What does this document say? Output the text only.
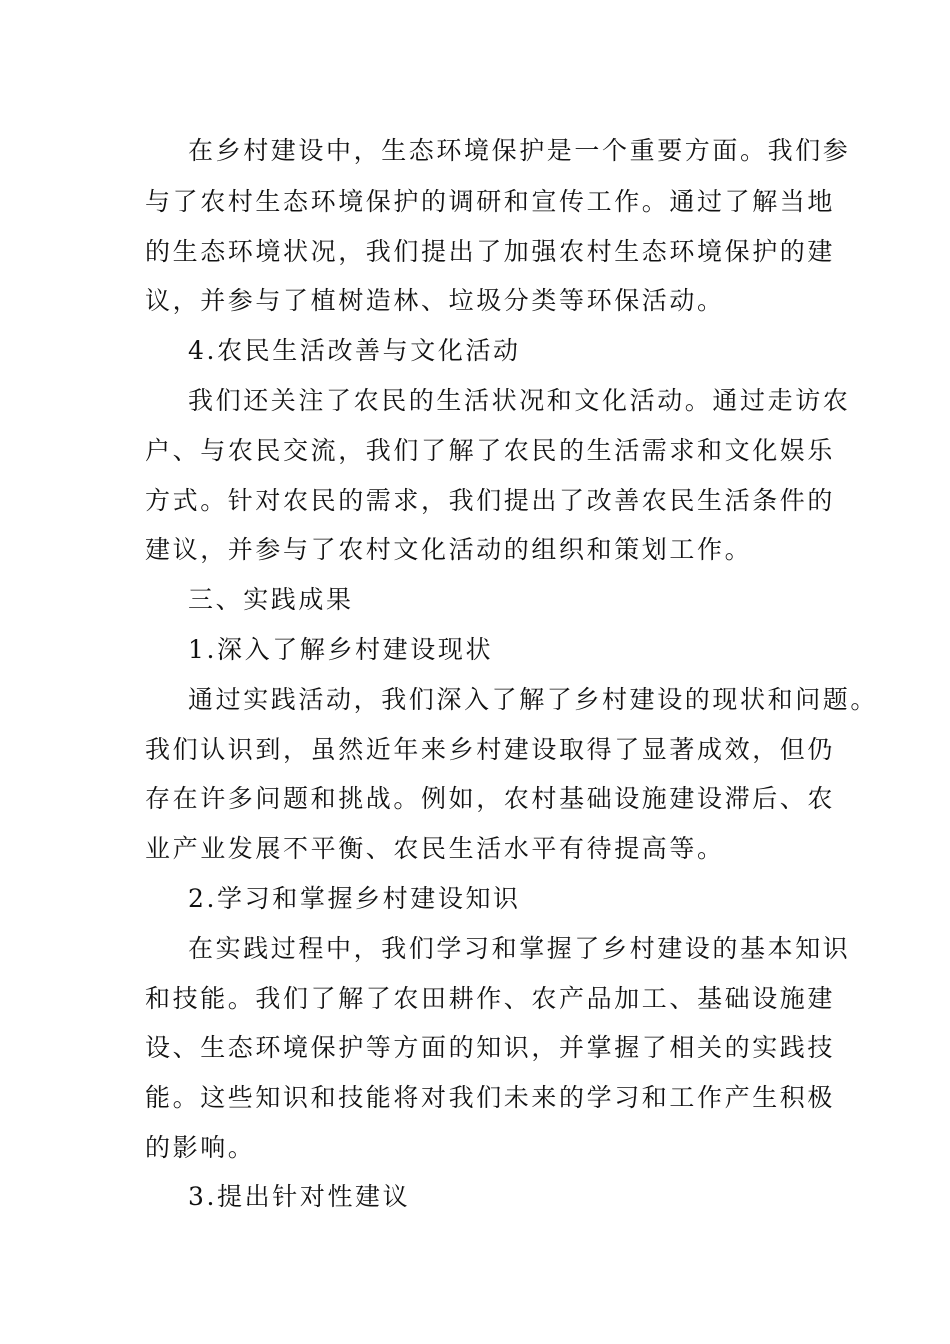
在乡村建设中，生态环境保护是一个重要方面。我们参
与了农村生态环境保护的调研和宣传工作。通过了解当地
的生态环境状况，我们提出了加强农村生态环境保护的建
议，并参与了植树造林、垃圾分类等环保活动。
4.农民生活改善与文化活动
我们还关注了农民的生活状况和文化活动。通过走访农
户、与农民交流，我们了解了农民的生活需求和文化娱乐
方式。针对农民的需求，我们提出了改善农民生活条件的
建议，并参与了农村文化活动的组织和策划工作。
三、实践成果
1.深入了解乡村建设现状
通过实践活动，我们深入了解了乡村建设的现状和问题。
我们认识到，虽然近年来乡村建设取得了显著成效，但仍
存在许多问题和挑战。例如，农村基础设施建设滞后、农
业产业发展不平衡、农民生活水平有待提高等。
2.学习和掌握乡村建设知识
在实践过程中，我们学习和掌握了乡村建设的基本知识
和技能。我们了解了农田耕作、农产品加工、基础设施建
设、生态环境保护等方面的知识，并掌握了相关的实践技
能。这些知识和技能将对我们未来的学习和工作产生积极
的影响。
3.提出针对性建议
